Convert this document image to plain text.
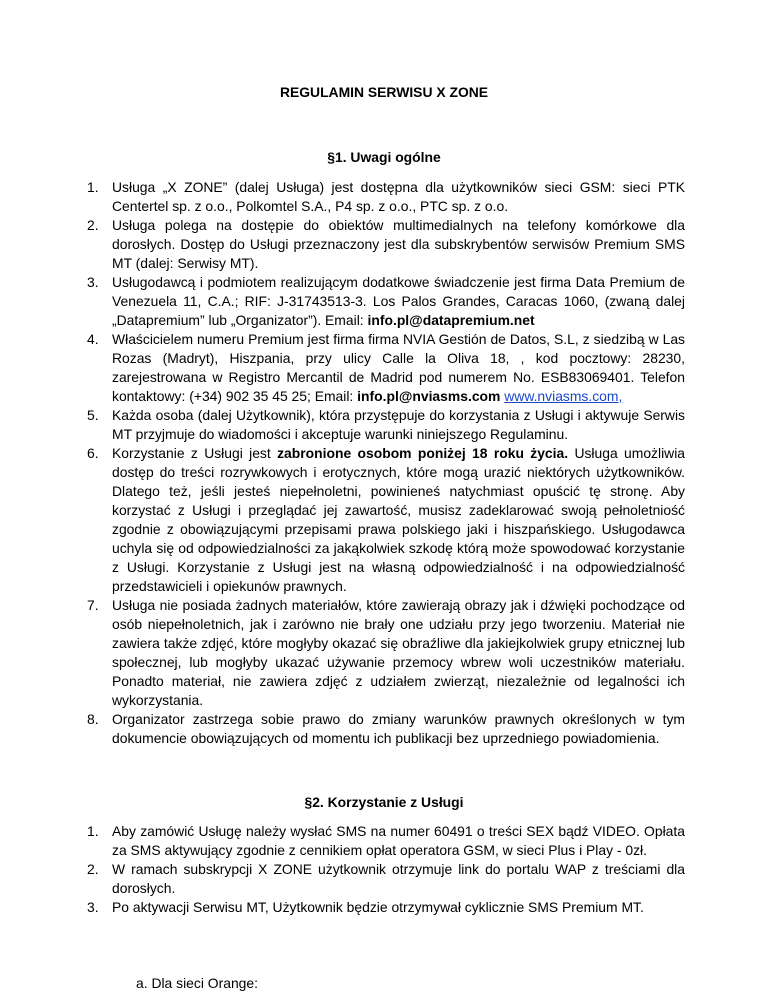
REGULAMIN SERWISU X ZONE
§1. Uwagi ogólne
1. Usługa „X ZONE” (dalej Usługa) jest dostępna dla użytkowników sieci GSM: sieci PTK Centertel sp. z o.o., Polkomtel S.A., P4 sp. z o.o., PTC sp. z o.o.
2. Usługa polega na dostępie do obiektów multimedialnych na telefony komórkowe dla dorosłych. Dostęp do Usługi przeznaczony jest dla subskrybentów serwisów Premium SMS MT (dalej: Serwisy MT).
3. Usługodawcą i podmiotem realizującym dodatkowe świadczenie jest firma Data Premium de Venezuela 11, C.A.; RIF: J-31743513-3. Los Palos Grandes, Caracas 1060, (zwaną dalej „Datapremium” lub „Organizator”). Email: info.pl@datapremium.net
4. Właścicielem numeru Premium jest firma firma NVIA Gestión de Datos, S.L, z siedzibą w Las Rozas (Madryt), Hiszpania, przy ulicy Calle la Oliva 18, , kod pocztowy: 28230, zarejestrowana w Registro Mercantil de Madrid pod numerem No. ESB83069401. Telefon kontaktowy: (+34) 902 35 45 25; Email: info.pl@nviasms.com www.nviasms.com,
5. Każda osoba (dalej Użytkownik), która przystępuje do korzystania z Usługi i aktywuje Serwis MT przyjmuje do wiadomości i akceptuje warunki niniejszego Regulaminu.
6. Korzystanie z Usługi jest zabronione osobom poniżej 18 roku życia. Usługa umożliwia dostęp do treści rozrywkowych i erotycznych, które mogą urazić niektórych użytkowników. Dlatego też, jeśli jesteś niepełnoletni, powinieneś natychmiast opuścić tę stronę. Aby korzystać z Usługi i przeglądać jej zawartość, musisz zadeklarować swoją pełnoletniość zgodnie z obowiązującymi przepisami prawa polskiego jaki i hiszpańskiego. Usługodawca uchyla się od odpowiedzialności za jakąkolwiek szkodę którą może spowodować korzystanie z Usługi. Korzystanie z Usługi jest na własną odpowiedzialność i na odpowiedzialność przedstawicieli i opiekunów prawnych.
7. Usługa nie posiada żadnych materiałów, które zawierają obrazy jak i dźwięki pochodzące od osób niepełnoletnich, jak i zarówno nie brały one udziału przy jego tworzeniu. Materiał nie zawiera także zdjęć, które mogłyby okazać się obraźliwe dla jakiejkolwiek grupy etnicznej lub społecznej, lub mogłyby ukazać używanie przemocy wbrew woli uczestników materiału. Ponadto materiał, nie zawiera zdjęć z udziałem zwierząt, niezależnie od legalności ich wykorzystania.
8. Organizator zastrzega sobie prawo do zmiany warunków prawnych określonych w tym dokumencie obowiązujących od momentu ich publikacji bez uprzedniego powiadomienia.
§2. Korzystanie z Usługi
1. Aby zamówić Usługę należy wysłać SMS na numer 60491 o treści SEX bądź VIDEO. Opłata za SMS aktywujący zgodnie z cennikiem opłat operatora GSM, w sieci Plus i Play - 0zł.
2. W ramach subskrypcji X ZONE użytkownik otrzymuje link do portalu WAP z treściami dla dorosłych.
3. Po aktywacji Serwisu MT, Użytkownik będzie otrzymywał cyklicznie SMS Premium MT.
a. Dla sieci Orange:
